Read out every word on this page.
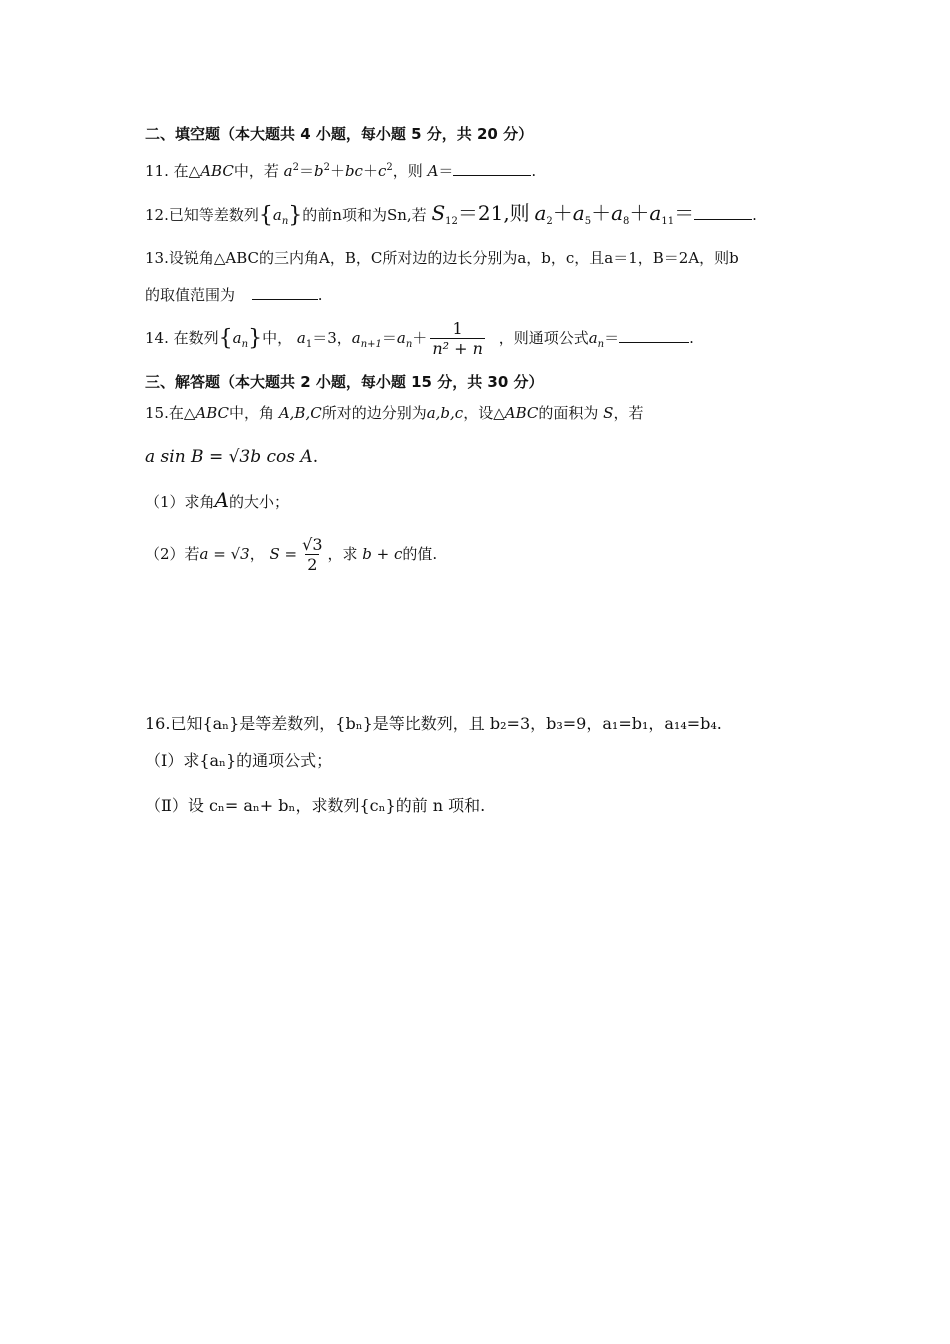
二、填空题（本大题共 4 小题，每小题 5 分，共 20 分）
11. 在△ABC中，若 $a^2=b^2+bc+c^2$，则 A＝	.
12.已知等差数列$\{a_n\}$的前n项和为Sn,若 $S_{12}=21$,则 $a_2+a_5+a_8+a_{11}=$	.
13.设锐角△ABC的三内角A，B，C所对边的边长分别为a，b，c，且a＝1，B＝2A，则b
的取值范围为	.
14. 在数列$\{a_n\}$中， $a_1=3$，$a_{n+1}=a_n+ \frac{1}{\text{n² + n}}$ ，则通项公式$a_n=$	.
三、解答题（本大题共 2 小题，每小题 15 分，共 30 分）
15.在△ABC中，角 A,B,C所对的边分别为a,b,c，设△ABC的面积为 S，若
a sin B = √3b cos A.
（1）求角A的大小；
（2）若a = √3， $S = \frac{√3}{2}$ ，求 b + c的值.
16.已知{aₙ}是等差数列，{bₙ}是等比数列，且 b₂=3，b₃=9，a₁=b₁，a₁₄=b₄.
（Ⅰ）求{aₙ}的通项公式；
（Ⅱ）设 cₙ= aₙ+ bₙ，求数列{cₙ}的前 n 项和.
